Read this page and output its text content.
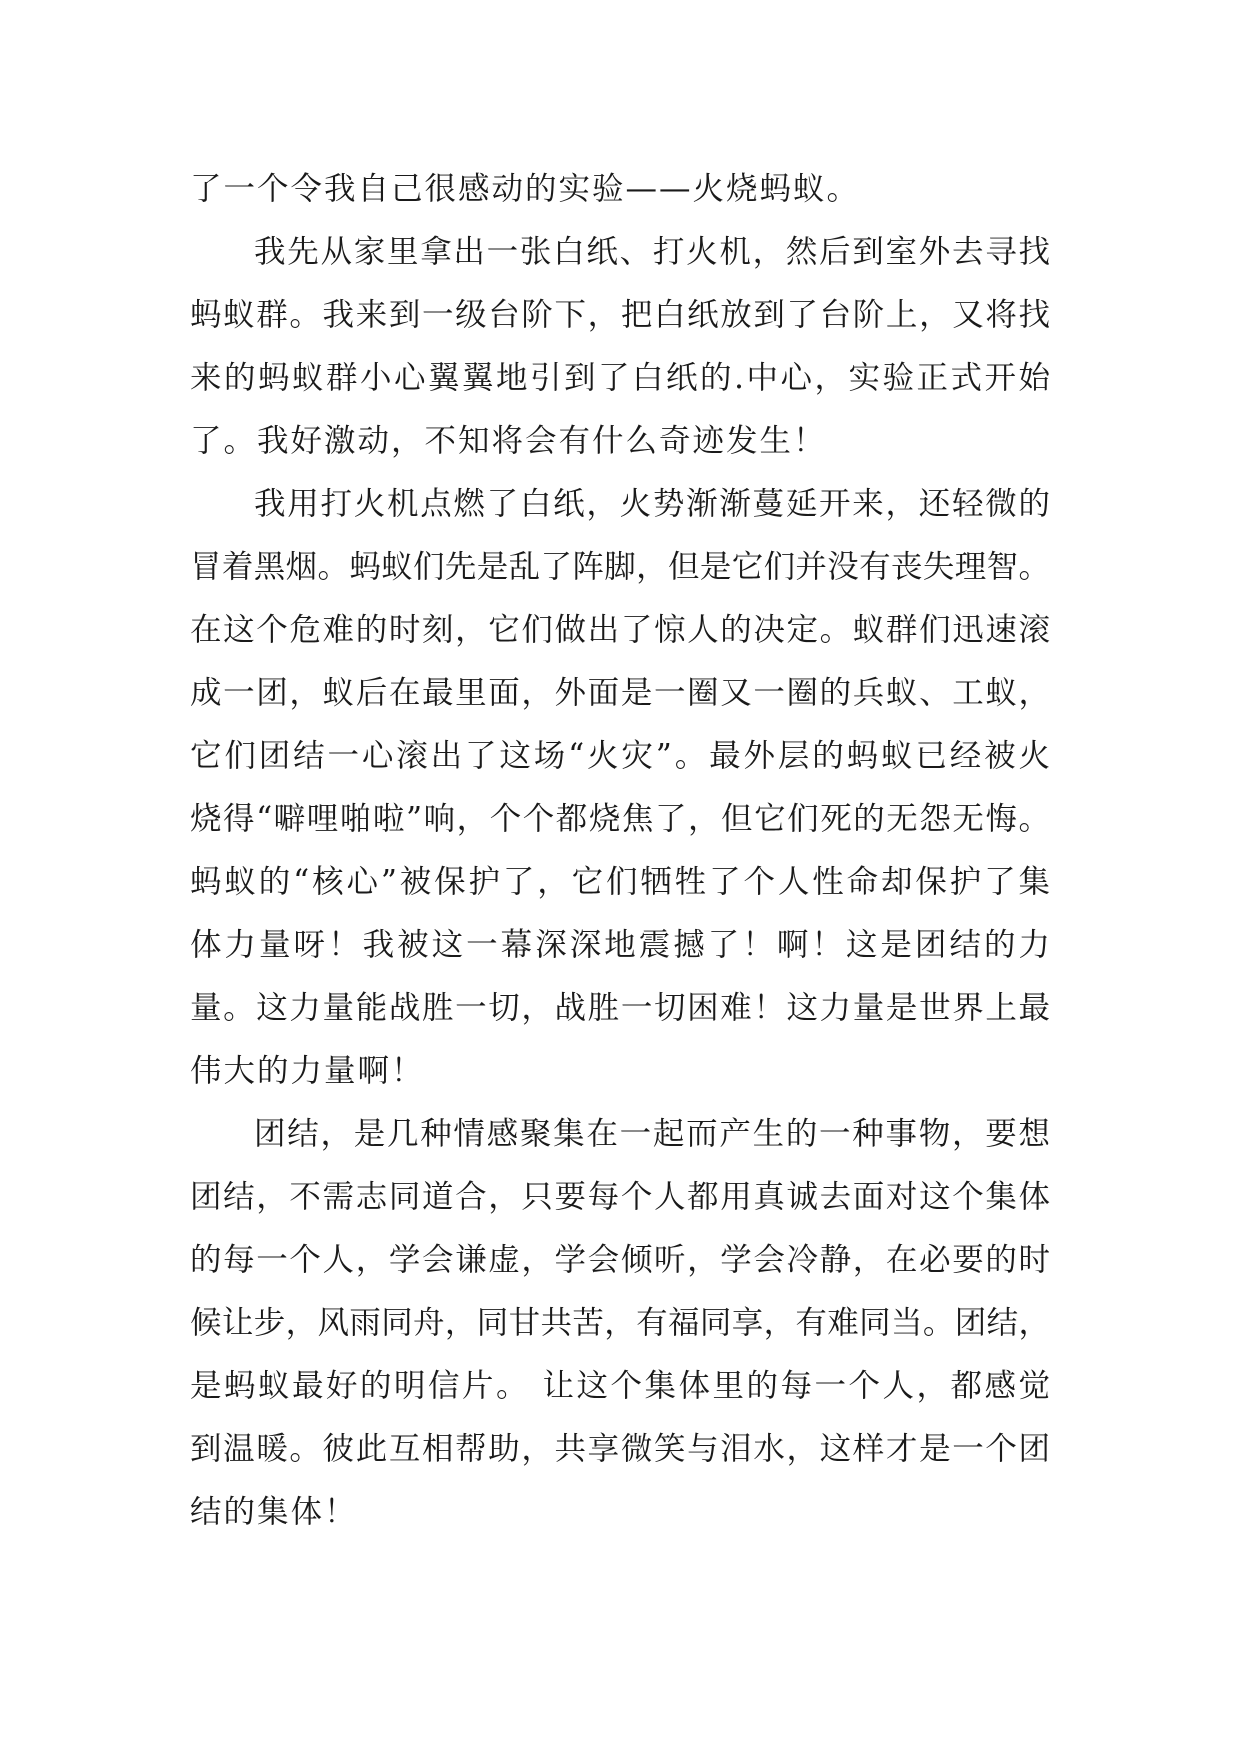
了一个令我自己很感动的实验——火烧蚂蚁。
我先从家里拿出一张白纸、打火机，然后到室外去寻找
蚂蚁群。我来到一级台阶下，把白纸放到了台阶上，又将找
来的蚂蚁群小心翼翼地引到了白纸的.中心，实验正式开始
了。我好激动，不知将会有什么奇迹发生！
我用打火机点燃了白纸，火势渐渐蔓延开来，还轻微的
冒着黑烟。蚂蚁们先是乱了阵脚，但是它们并没有丧失理智。
在这个危难的时刻，它们做出了惊人的决定。蚁群们迅速滚
成一团，蚁后在最里面，外面是一圈又一圈的兵蚁、工蚁，
它们团结一心滚出了这场“火灾”。最外层的蚂蚁已经被火
烧得“噼哩啪啦”响，个个都烧焦了，但它们死的无怨无悔。
蚂蚁的“核心”被保护了，它们牺牲了个人性命却保护了集
体力量呀！我被这一幕深深地震撼了！啊！这是团结的力
量。这力量能战胜一切，战胜一切困难！这力量是世界上最
伟大的力量啊！
团结，是几种情感聚集在一起而产生的一种事物，要想
团结，不需志同道合，只要每个人都用真诚去面对这个集体
的每一个人，学会谦虚，学会倾听，学会冷静，在必要的时
候让步，风雨同舟，同甘共苦，有福同享，有难同当。团结，
是蚂蚁最好的明信片。 让这个集体里的每一个人，都感觉
到温暖。彼此互相帮助，共享微笑与泪水，这样才是一个团
结的集体！
